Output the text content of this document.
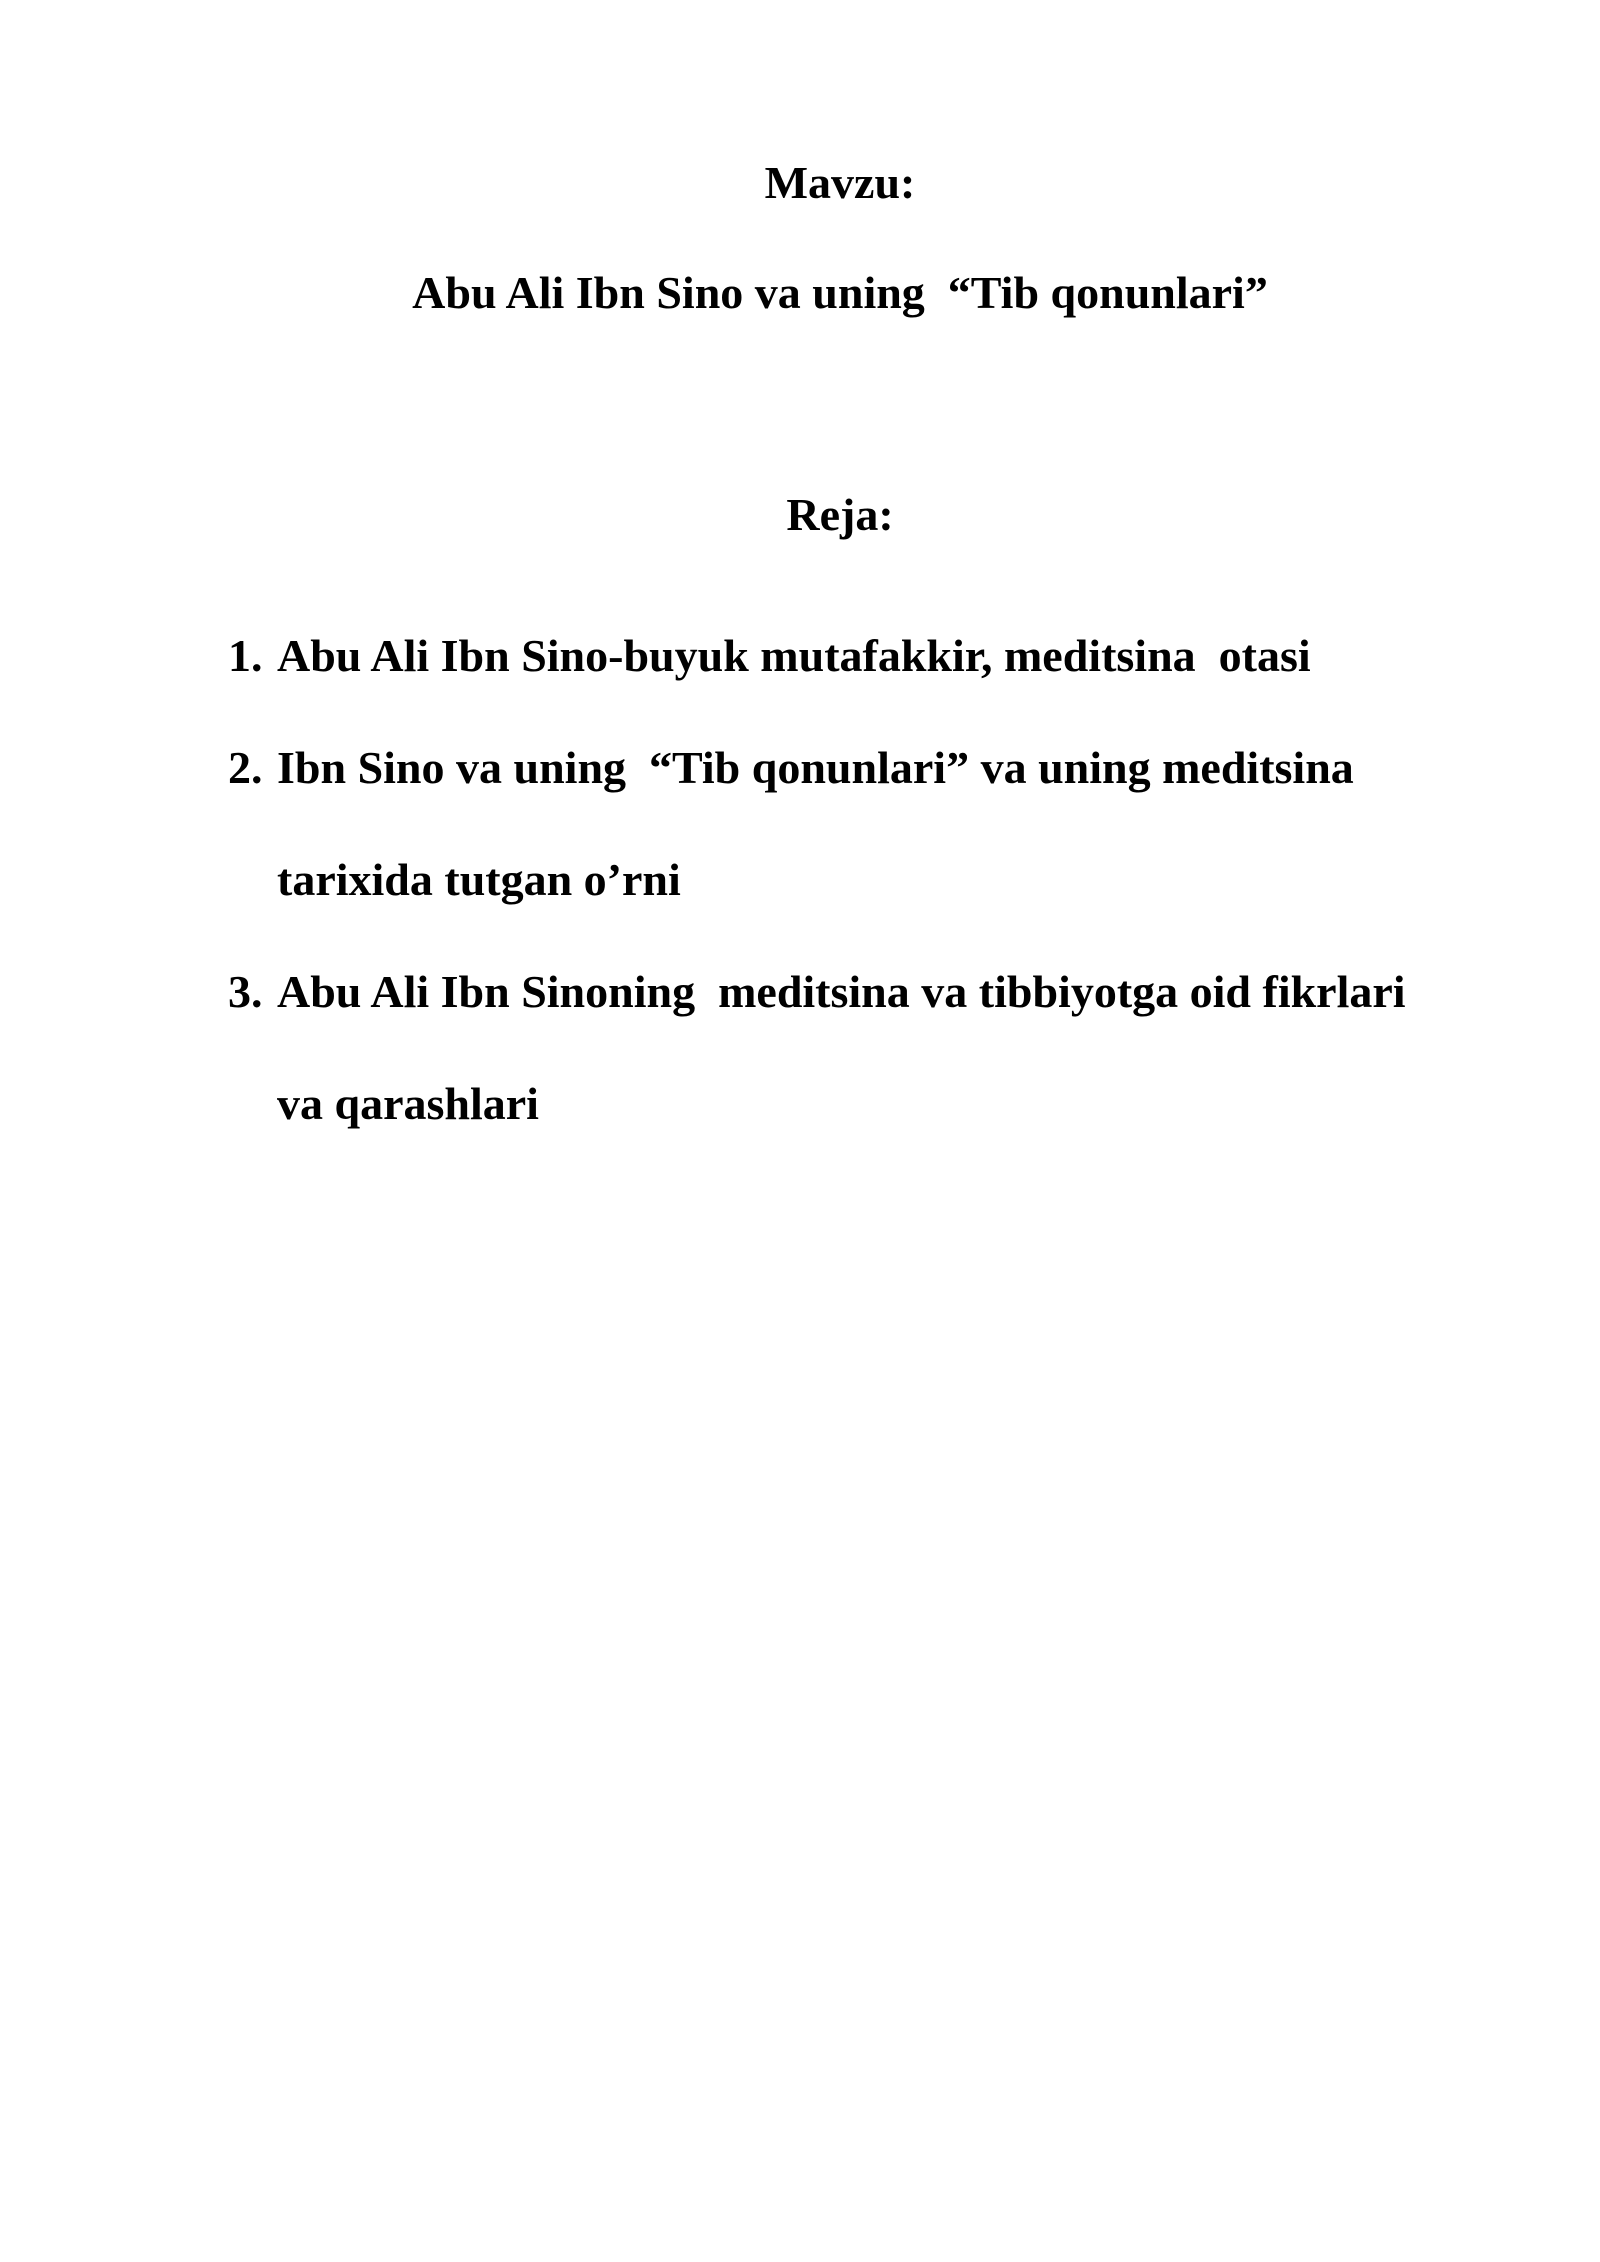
Mavzu:
Abu Ali Ibn Sino va uning  “Tib qonunlari”
Reja:
1. Abu Ali Ibn Sino-buyuk mutafakkir, meditsina  otasi
2. Ibn Sino va uning  “Tib qonunlari” va uning meditsina tarixida tutgan o’rni
3. Abu Ali Ibn Sinoning  meditsina va tibbiyotga oid fikrlari  va qarashlari
